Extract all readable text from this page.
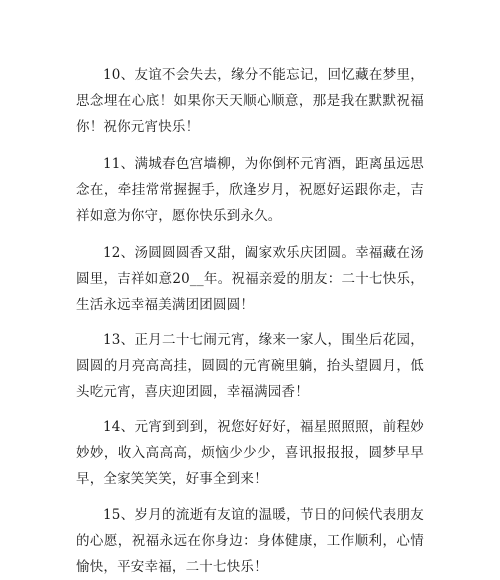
10、友谊不会失去，缘分不能忘记，回忆藏在梦里，思念埋在心底！如果你天天顺心顺意，那是我在默默祝福你！祝你元宵快乐！

11、满城春色宫墙柳，为你倒杯元宵酒，距离虽远思念在，牵挂常常握握手，欣逢岁月，祝愿好运跟你走，吉祥如意为你守，愿你快乐到永久。

12、汤圆圆圆香又甜，阖家欢乐庆团圆。幸福藏在汤圆里，吉祥如意20__年。祝福亲爱的朋友：二十七快乐，生活永远幸福美满团团圆圆！

13、正月二十七闹元宵，缘来一家人，围坐后花园，圆圆的月亮高高挂，圆圆的元宵碗里躺，抬头望圆月，低头吃元宵，喜庆迎团圆，幸福满园香！

14、元宵到到到，祝您好好好，福星照照照，前程妙妙妙，收入高高高，烦恼少少少，喜讯报报报，圆梦早早早，全家笑笑笑，好事全到来！

15、岁月的流逝有友谊的温暖，节日的问候代表朋友的心愿，祝福永远在你身边：身体健康，工作顺利，心情愉快，平安幸福，二十七快乐！
